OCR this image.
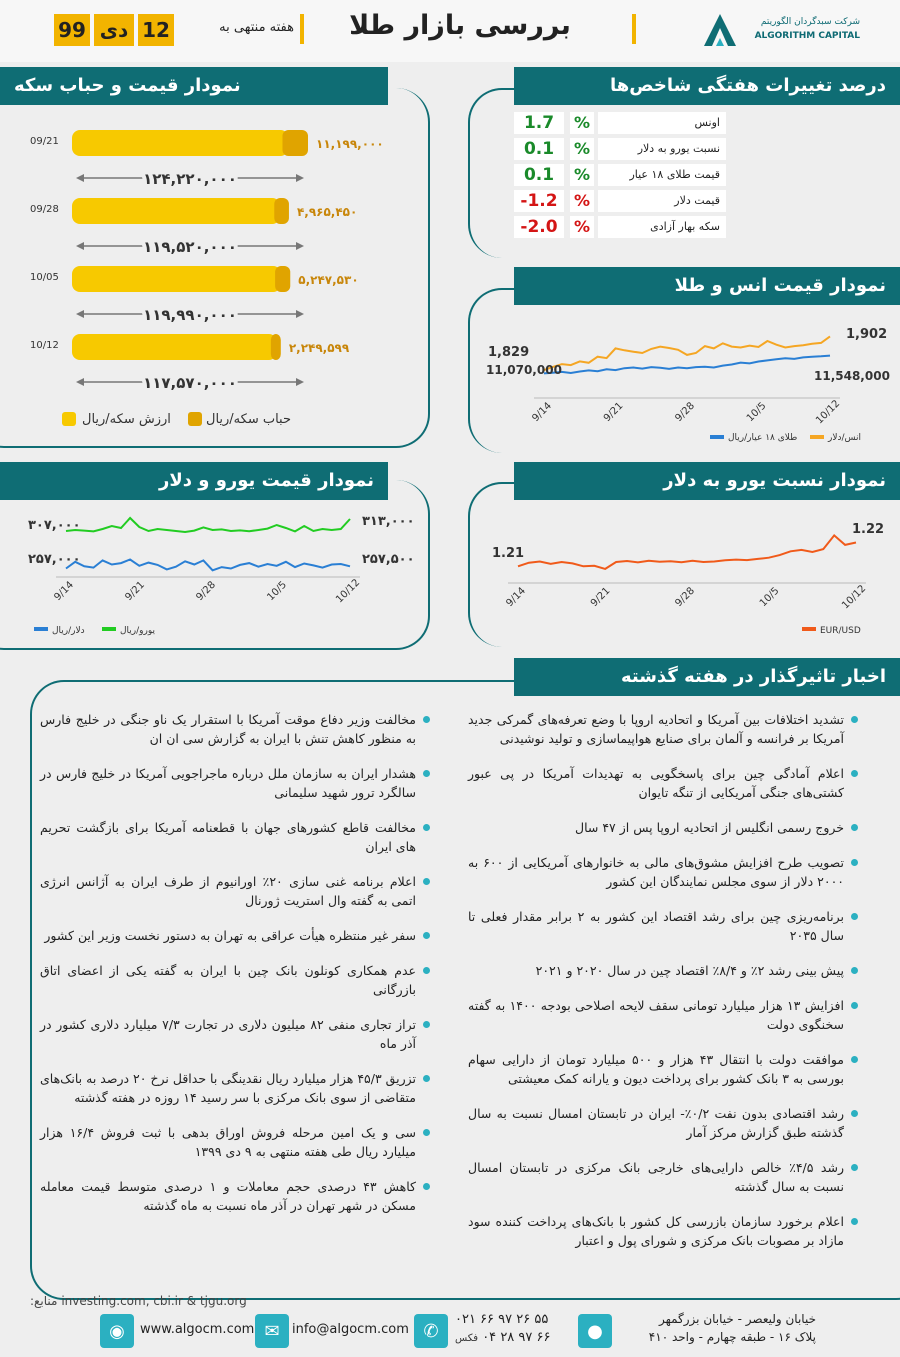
99 دی 12	هفته منتهی به	بررسی بازار طلا	شرکت سبدگردان الگوریتم
ALGORITHM CAPITAL
درصد تغییرات هفتگی شاخص‌ها
1.7	%	اونس
0.1	%	نسبت یورو به دلار
0.1	%	قیمت طلای ۱۸ عیار
-1.2	%	قیمت دلار
-2.0	%	سکه بهار آزادی
نمودار قیمت و حباب سکه
09/21	۱۱,۱۹۹,۰۰۰
۱۲۴,۲۲۰,۰۰۰
09/28	۴,۹۶۵,۴۵۰
۱۱۹,۵۲۰,۰۰۰
10/05	۵,۲۴۷,۵۳۰
۱۱۹,۹۹۰,۰۰۰
10/12	۲,۲۴۹,۵۹۹
۱۱۷,۵۷۰,۰۰۰
ارزش سکه/ریال	حباب سکه/ریال
نمودار قیمت انس و طلا
9/14	9/21	9/28	10/5	10/12
1,829
1,902
11,070,000	11,548,000
طلای ۱۸ عیار/ریال	انس/دلار
نمودار قیمت یورو و دلار
9/14	9/21	9/28	10/5	10/12
۳۰۷,۰۰۰	۳۱۳,۰۰۰
۲۵۷,۰۰۰	۲۵۷,۵۰۰
دلار/ریال	یورو/ریال
نمودار نسبت یورو به دلار
9/14	9/21	9/28	10/5	10/12
1.21
1.22
EUR/USD
اخبار تاثیرگذار در هفته گذشته
تشدید اختلافات بین آمریکا و اتحادیه اروپا با وضع تعرفه‌های گمرکی جدید آمریکا بر فرانسه و آلمان برای صنایع هواپیماسازی و تولید نوشیدنی
اعلام آمادگی چین برای پاسخگویی به تهدیدات آمریکا در پی عبور کشتی‌های جنگی آمریکایی از تنگه تایوان
خروج رسمی انگلیس از اتحادیه اروپا پس از ۴۷ سال
تصویب طرح افزایش مشوق‌های مالی به خانوارهای آمریکایی از ۶۰۰ به ۲۰۰۰ دلار از سوی مجلس نمایندگان این کشور
برنامه‌ریزی چین برای رشد اقتصاد این کشور به ۲ برابر مقدار فعلی تا سال ۲۰۳۵
پیش بینی رشد ۲٪ و ۸/۴٪ اقتصاد چین در سال ۲۰۲۰ و ۲۰۲۱
افزایش ۱۳ هزار میلیارد تومانی سقف لایحه اصلاحی بودجه ۱۴۰۰ به گفته سخنگوی دولت
موافقت دولت با انتقال ۴۳ هزار و ۵۰۰ میلیارد تومان از دارایی سهام بورسی به ۳ بانک کشور برای پرداخت دیون و یارانه کمک معیشتی
رشد اقتصادی بدون نفت ۰/۲٪- ایران در تابستان امسال نسبت به سال گذشته طبق گزارش مرکز آمار
رشد ۴/۵٪ خالص دارایی‌های خارجی بانک مرکزی در تابستان امسال نسبت به سال گذشته
اعلام برخورد سازمان بازرسی کل کشور با بانک‌های پرداخت کننده سود مازاد بر مصوبات بانک مرکزی و شورای پول و اعتبار
مخالفت وزیر دفاع موقت آمریکا با استقرار یک ناو جنگی در خلیج فارس به منظور کاهش تنش با ایران به گزارش سی ان ان
هشدار ایران به سازمان ملل درباره ماجراجویی آمریکا در خلیج فارس در سالگرد ترور شهید سلیمانی
مخالفت قاطع کشورهای جهان با قطعنامه آمریکا برای بازگشت تحریم های ایران
اعلام برنامه غنی سازی ۲۰٪ اورانیوم از طرف ایران به آژانس انرژی اتمی به گفته وال استریت ژورنال
سفر غیر منتظره هیأت عراقی به تهران به دستور نخست وزیر این کشور
عدم همکاری کونلون بانک چین با ایران به گفته یکی از اعضای اتاق بازرگانی
تراز تجاری منفی ۸۲ میلیون دلاری در تجارت ۷/۳ میلیارد دلاری کشور در آذر ماه
تزریق ۴۵/۳ هزار میلیارد ریال نقدینگی با حداقل نرخ ۲۰ درصد به بانک‌های متقاضی از سوی بانک مرکزی با سر رسید ۱۴ روزه در هفته گذشته
سی و یک امین مرحله فروش اوراق بدهی با ثبت فروش ۱۶/۴ هزار میلیارد ریال طی هفته منتهی به ۹ دی ۱۳۹۹
کاهش ۴۳ درصدی حجم معاملات و ۱ درصدی متوسط قیمت معامله مسکن در شهر تهران در آذر ماه نسبت به ماه گذشته
investing.com, cbi.ir & tjgu.org منابع:
◉	www.algocm.com ✉ info@algocm.com ✆
۰۲۱ ۶۶ ۹۷ ۲۶ ۵۵
۶۶ ۹۷ ۲۸ ۰۴ فکس	●
خیابان ولیعصر - خیابان بزرگمهر
پلاک ۱۶ - طبقه چهارم - واحد ۴۱۰
